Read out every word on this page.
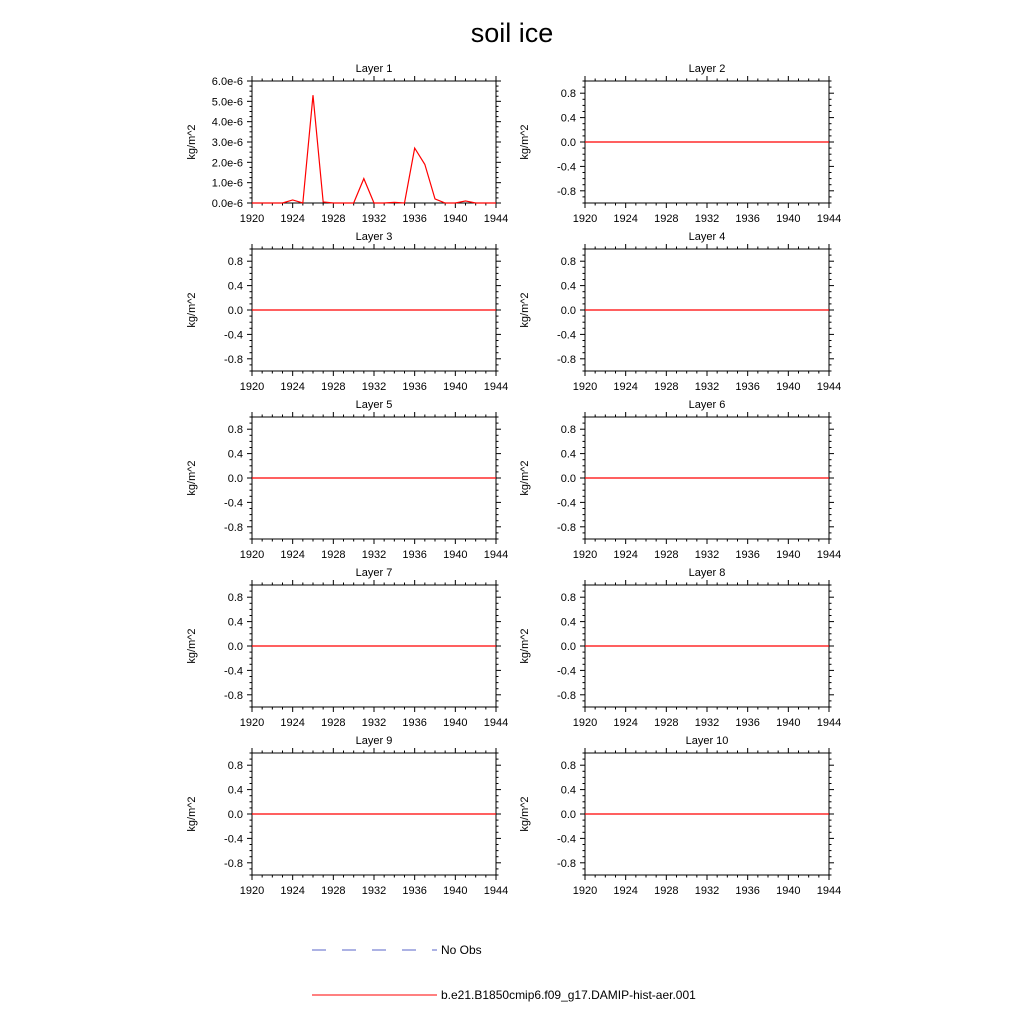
soil ice
Layer 1
1920 1924 1928 1932 1936 1940 1944
0.0e-6
1.0e-6
2.0e-6
3.0e-6
4.0e-6
5.0e-6
6.0e-6
kg/m^2
Layer 2
1920 1924 1928 1932 1936 1940 1944
-0.8
-0.4
0.0
0.4
0.8
kg/m^2
Layer 3
1920 1924 1928 1932 1936 1940 1944
-0.8
-0.4
0.0
0.4
0.8
kg/m^2
Layer 4
1920 1924 1928 1932 1936 1940 1944
-0.8
-0.4
0.0
0.4
0.8
kg/m^2
Layer 5
1920 1924 1928 1932 1936 1940 1944
-0.8
-0.4
0.0
0.4
0.8
kg/m^2
Layer 6
1920 1924 1928 1932 1936 1940 1944
-0.8
-0.4
0.0
0.4
0.8
kg/m^2
Layer 7
1920 1924 1928 1932 1936 1940 1944
-0.8
-0.4
0.0
0.4
0.8
kg/m^2
Layer 8
1920 1924 1928 1932 1936 1940 1944
-0.8
-0.4
0.0
0.4
0.8
kg/m^2
Layer 9
1920 1924 1928 1932 1936 1940 1944
-0.8
-0.4
0.0
0.4
0.8
kg/m^2
Layer 10
1920 1924 1928 1932 1936 1940 1944
-0.8
-0.4
0.0
0.4
0.8
kg/m^2
No Obs
b.e21.B1850cmip6.f09_g17.DAMIP-hist-aer.001
